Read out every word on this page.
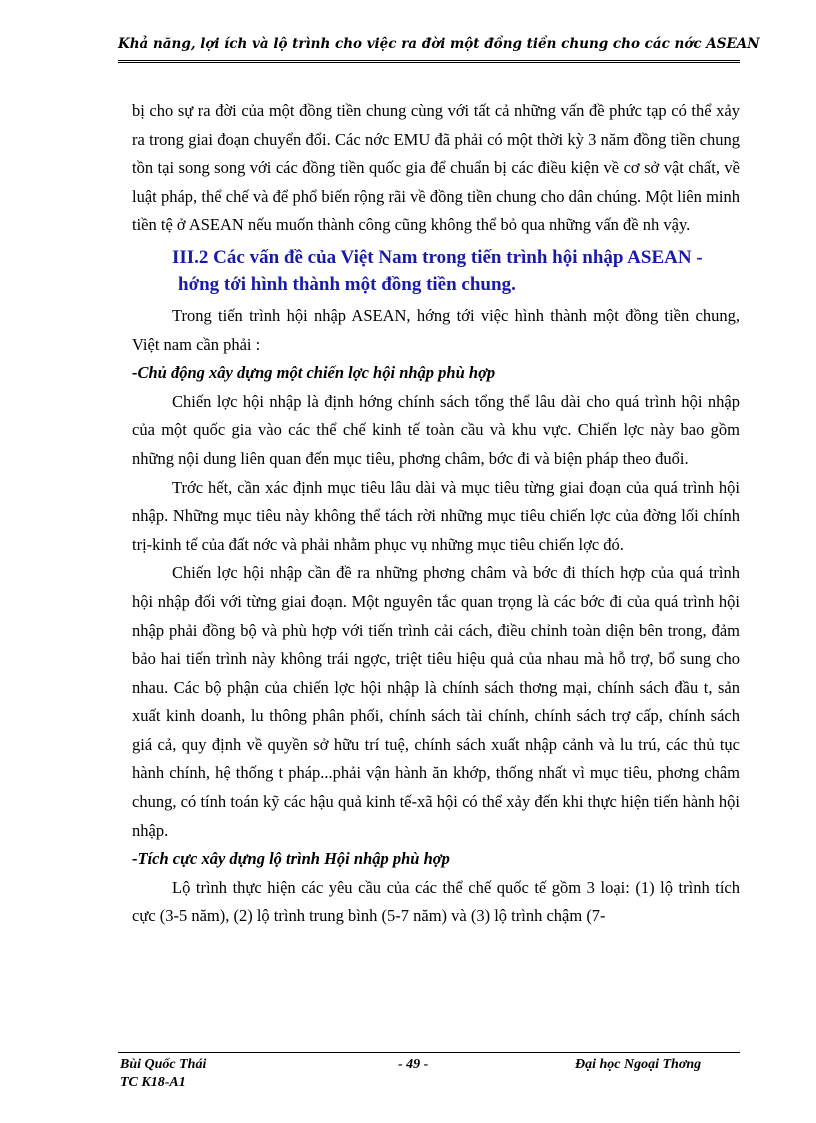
Khả năng, lợi ích và lộ trình cho việc ra đời một đồng tiền chung cho các nớc ASEAN

bị cho sự ra đời của một đồng tiền chung cùng với tất cả những vấn đề phức tạp có thể xảy ra trong giai đoạn chuyển đổi. Các nớc EMU đã phải có một thời kỳ 3 năm đồng tiền chung tồn tại song song với các đồng tiền quốc gia để chuẩn bị các điều kiện về cơ sở vật chất, về luật pháp, thể chế và để phổ biến rộng rãi về đồng tiền chung cho dân chúng. Một liên minh tiền tệ ở ASEAN nếu muốn thành công cũng không thể bỏ qua những vấn đề nh vậy.

III.2 Các vấn đề của Việt Nam trong tiến trình hội nhập ASEAN -
hớng tới hình thành một đồng tiền chung.

Trong tiến trình hội nhập ASEAN, hớng tới việc hình thành một đồng tiền chung, Việt nam cần phải :

-Chủ động xây dựng một chiến lợc hội nhập phù hợp

Chiến lợc hội nhập là định hớng chính sách tổng thể lâu dài cho quá trình hội nhập của một quốc gia vào các thể chế kinh tế toàn cầu và khu vực. Chiến lợc này bao gồm những nội dung liên quan đến mục tiêu, phơng châm, bớc đi và biện pháp theo đuổi.

Trớc hết, cần xác định mục tiêu lâu dài và mục tiêu từng giai đoạn của quá trình hội nhập. Những mục tiêu này không thể tách rời những mục tiêu chiến lợc của đờng lối chính trị-kinh tế của đất nớc và phải nhằm phục vụ những mục tiêu chiến lợc đó.

Chiến lợc hội nhập cần đề ra những phơng châm và bớc đi thích hợp của quá trình hội nhập đối với từng giai đoạn. Một nguyên tắc quan trọng là các bớc đi của quá trình hội nhập phải đồng bộ và phù hợp với tiến trình cải cách, điều chỉnh toàn diện bên trong, đảm bảo hai tiến trình này không trái ngợc, triệt tiêu hiệu quả của nhau mà hỗ trợ, bổ sung cho nhau. Các bộ phận của chiến lợc hội nhập là chính sách thơng mại, chính sách đầu t, sản xuất kinh doanh, lu thông phân phối, chính sách tài chính, chính sách trợ cấp, chính sách giá cả, quy định về quyền sở hữu trí tuệ, chính sách xuất nhập cảnh và lu trú, các thủ tục hành chính, hệ thống t pháp...phải vận hành ăn khớp, thống nhất vì mục tiêu, phơng châm chung, có tính toán kỹ các hậu quả kinh tế-xã hội có thể xảy đến khi thực hiện tiến hành hội nhập.

-Tích cực xây dựng lộ trình Hội nhập phù hợp

Lộ trình thực hiện các yêu cầu của các thể chế quốc tế gồm 3 loại: (1) lộ trình tích cực (3-5 năm), (2) lộ trình trung bình (5-7 năm) và (3) lộ trình chậm (7-

Bùi Quốc Thái
TC K18-A1
- 49 -	Đại học Ngoại Thơng
